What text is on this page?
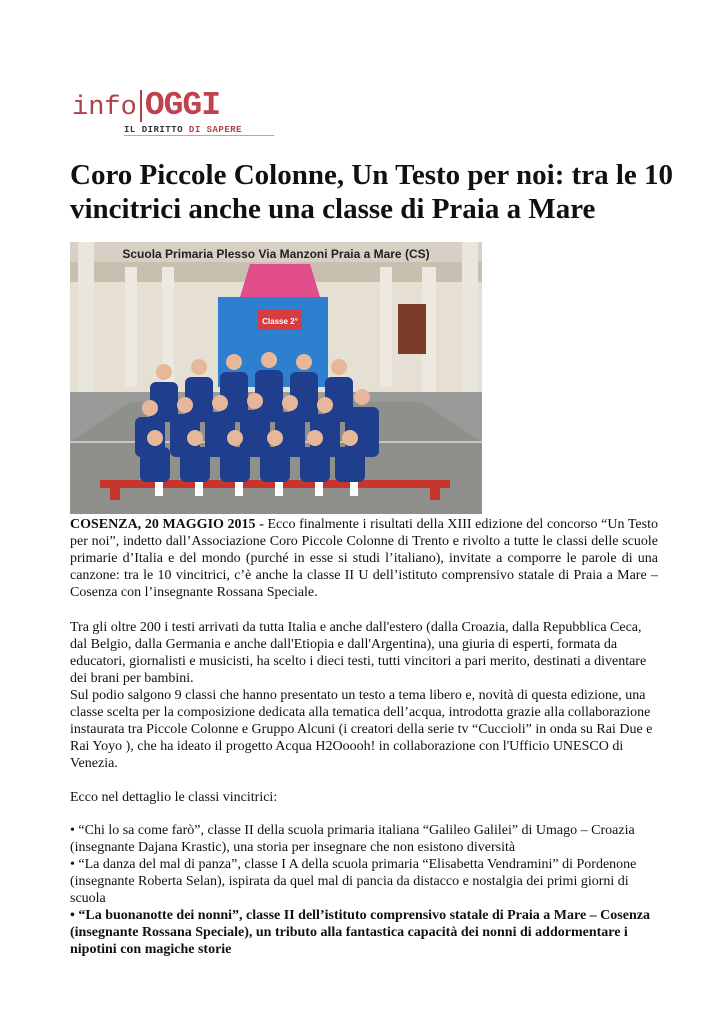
info OGGI
IL DIRITTO DI SAPERE
Coro Piccole Colonne, Un Testo per noi: tra le 10 vincitrici anche una classe di Praia a Mare
Classe 2°
Scuola Primaria Plesso Via Manzoni Praia a Mare (CS)

COSENZA, 20 MAGGIO 2015 - Ecco finalmente i risultati della XIII edizione del concorso “Un Testo per noi”, indetto dall’Associazione Coro Piccole Colonne di Trento e rivolto a tutte le classi delle scuole primarie d’Italia e del mondo (purché in esse si studi l’italiano), invitate a comporre le parole di una canzone: tra le 10 vincitrici, c’è anche la classe II U dell’istituto comprensivo statale di Praia a Mare – Cosenza con l’insegnante Rossana Speciale.

Tra gli oltre 200 i testi arrivati da tutta Italia e anche dall'estero (dalla Croazia, dalla Repubblica Ceca, dal Belgio, dalla Germania e anche dall'Etiopia e dall'Argentina), una giuria di esperti, formata da educatori, giornalisti e musicisti, ha scelto i dieci testi, tutti vincitori a pari merito, destinati a diventare dei brani per bambini.

Sul podio salgono 9 classi che hanno presentato un testo a tema libero e, novità di questa edizione, una classe scelta per la composizione dedicata alla tematica dell’acqua, introdotta grazie alla collaborazione instaurata tra Piccole Colonne e Gruppo Alcuni (i creatori della serie tv “Cuccioli” in onda su Rai Due e Rai Yoyo ), che ha ideato il progetto Acqua H2Ooooh! in collaborazione con l'Ufficio UNESCO di Venezia.

Ecco nel dettaglio le classi vincitrici:

• “Chi lo sa come farò”, classe II della scuola primaria italiana “Galileo Galilei” di Umago – Croazia (insegnante Dajana Krastic), una storia per insegnare che non esistono diversità

• “La danza del mal di panza”, classe I A della scuola primaria “Elisabetta Vendramini” di Pordenone (insegnante Roberta Selan), ispirata da quel mal di pancia da distacco e nostalgia dei primi giorni di scuola

• “La buonanotte dei nonni”, classe II dell’istituto comprensivo statale di Praia a Mare – Cosenza (insegnante Rossana Speciale), un tributo alla fantastica capacità dei nonni di addormentare i nipotini con magiche storie
